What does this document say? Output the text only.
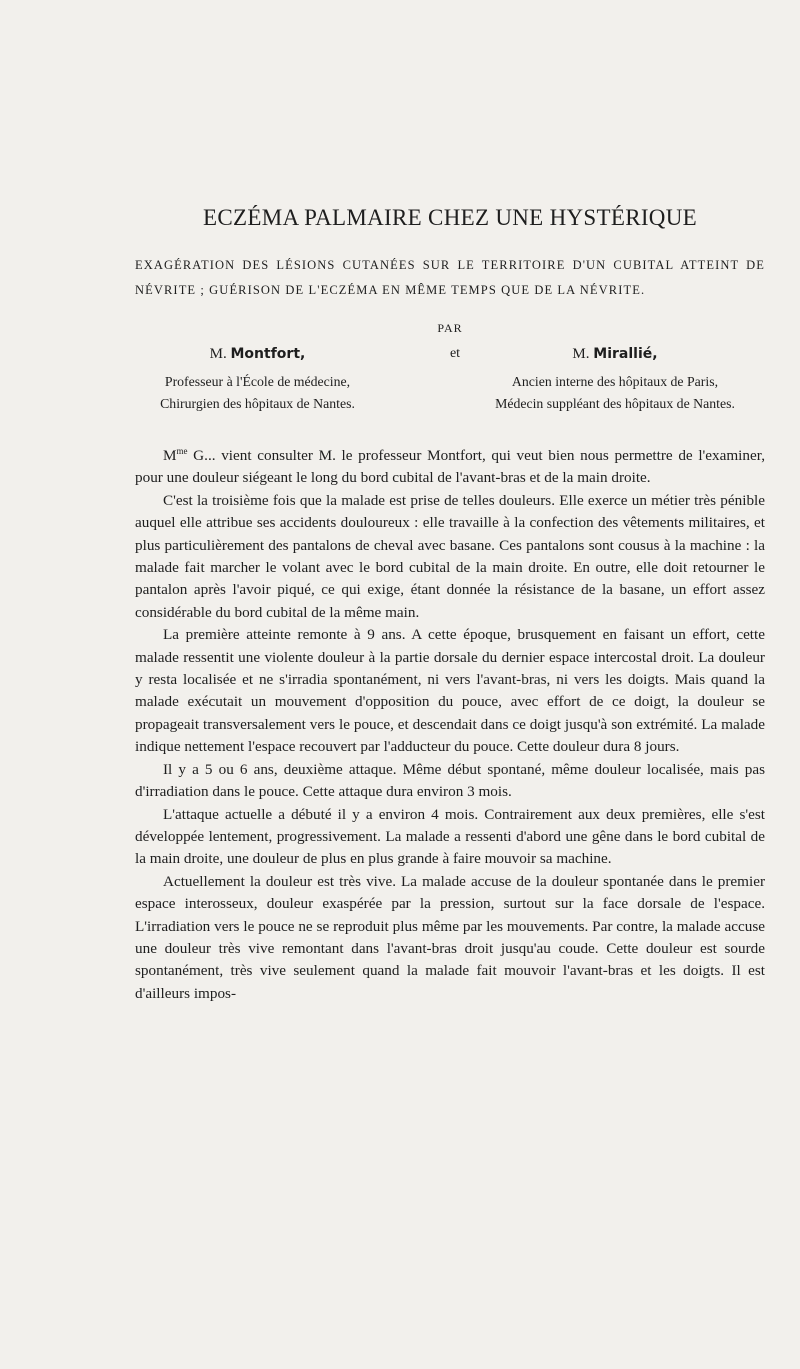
ECZÉMA PALMAIRE CHEZ UNE HYSTÉRIQUE

EXAGÉRATION DES LÉSIONS CUTANÉES SUR LE TERRITOIRE D'UN CUBITAL ATTEINT DE NÉVRITE ; GUÉRISON DE L'ECZÉMA EN MÊME TEMPS QUE DE LA NÉVRITE.

PAR
M. Montfort,
Professeur à l'École de médecine,
Chirurgien des hôpitaux de Nantes.
et	M. Mirallié,
Ancien interne des hôpitaux de Paris,
Médecin suppléant des hôpitaux de Nantes.

$M^{me}$ G... vient consulter M. le professeur Montfort, qui veut bien nous permettre de l'examiner, pour une douleur siégeant le long du bord cubital de l'avant-bras et de la main droite.

C'est la troisième fois que la malade est prise de telles douleurs. Elle exerce un métier très pénible auquel elle attribue ses accidents douloureux : elle travaille à la confection des vêtements militaires, et plus particulièrement des pantalons de cheval avec basane. Ces pantalons sont cousus à la machine : la malade fait marcher le volant avec le bord cubital de la main droite. En outre, elle doit retourner le pantalon après l'avoir piqué, ce qui exige, étant donnée la résistance de la basane, un effort assez considérable du bord cubital de la même main.

La première atteinte remonte à 9 ans. A cette époque, brusquement en faisant un effort, cette malade ressentit une violente douleur à la partie dorsale du dernier espace intercostal droit. La douleur y resta localisée et ne s'irradia spontanément, ni vers l'avant-bras, ni vers les doigts. Mais quand la malade exécutait un mouvement d'opposition du pouce, avec effort de ce doigt, la douleur se propageait transversalement vers le pouce, et descendait dans ce doigt jusqu'à son extrémité. La malade indique nettement l'espace recouvert par l'adducteur du pouce. Cette douleur dura 8 jours.

Il y a 5 ou 6 ans, deuxième attaque. Même début spontané, même douleur localisée, mais pas d'irradiation dans le pouce. Cette attaque dura environ 3 mois.

L'attaque actuelle a débuté il y a environ 4 mois. Contrairement aux deux premières, elle s'est développée lentement, progressivement. La malade a ressenti d'abord une gêne dans le bord cubital de la main droite, une douleur de plus en plus grande à faire mouvoir sa machine.

Actuellement la douleur est très vive. La malade accuse de la douleur spontanée dans le premier espace interosseux, douleur exaspérée par la pression, surtout sur la face dorsale de l'espace. L'irradiation vers le pouce ne se reproduit plus même par les mouvements. Par contre, la malade accuse une douleur très vive remontant dans l'avant-bras droit jusqu'au coude. Cette douleur est sourde spontanément, très vive seulement quand la malade fait mouvoir l'avant-bras et les doigts. Il est d'ailleurs impos-
